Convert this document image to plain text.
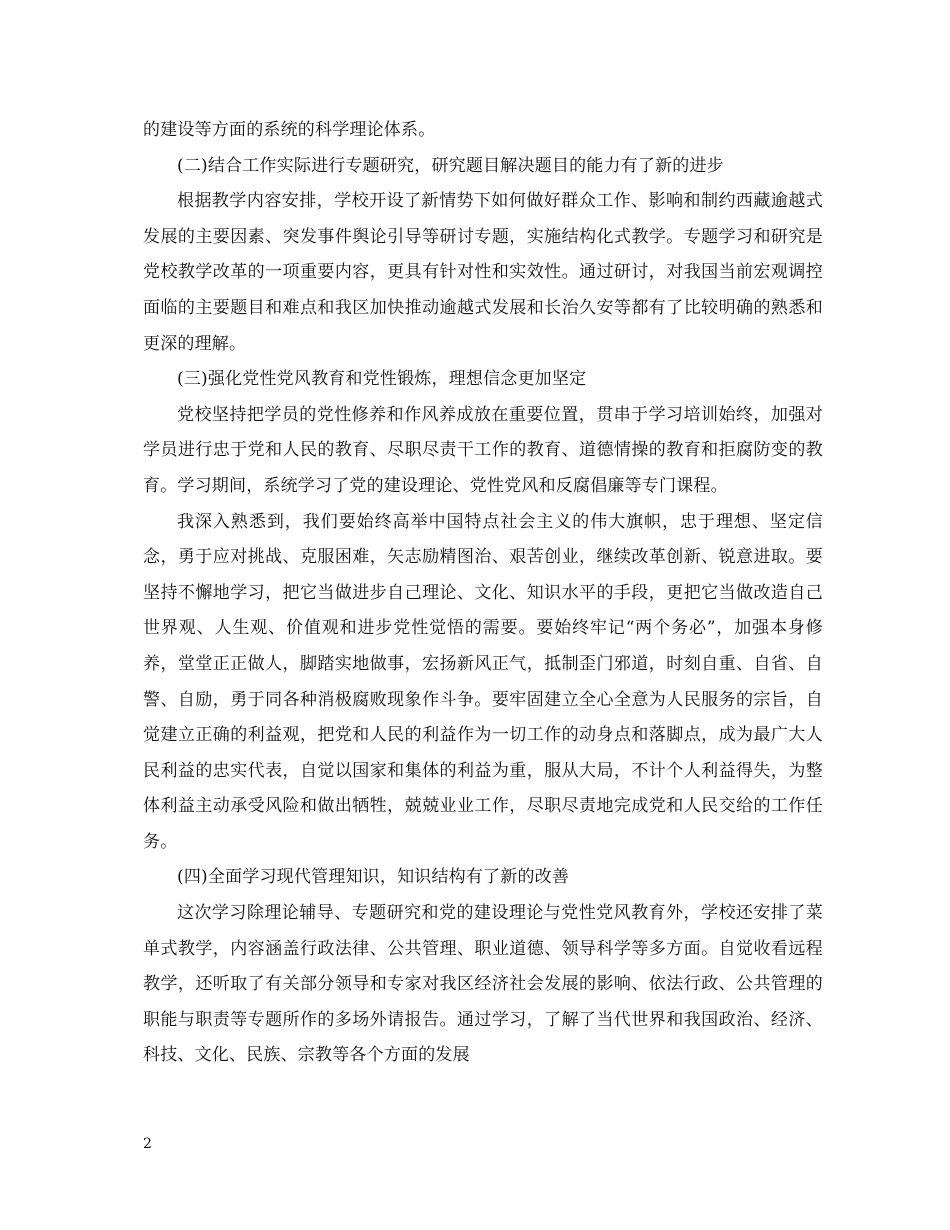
的建设等方面的系统的科学理论体系。

(二)结合工作实际进行专题研究，研究题目解决题目的能力有了新的进步

根据教学内容安排，学校开设了新情势下如何做好群众工作、影响和制约西藏逾越式发展的主要因素、突发事件舆论引导等研讨专题，实施结构化式教学。专题学习和研究是党校教学改革的一项重要内容，更具有针对性和实效性。通过研讨，对我国当前宏观调控面临的主要题目和难点和我区加快推动逾越式发展和长治久安等都有了比较明确的熟悉和更深的理解。

(三)强化党性党风教育和党性锻炼，理想信念更加坚定

党校坚持把学员的党性修养和作风养成放在重要位置，贯串于学习培训始终，加强对学员进行忠于党和人民的教育、尽职尽责干工作的教育、道德情操的教育和拒腐防变的教育。学习期间，系统学习了党的建设理论、党性党风和反腐倡廉等专门课程。

我深入熟悉到，我们要始终高举中国特点社会主义的伟大旗帜，忠于理想、坚定信念，勇于应对挑战、克服困难，矢志励精图治、艰苦创业，继续改革创新、锐意进取。要坚持不懈地学习，把它当做进步自己理论、文化、知识水平的手段，更把它当做改造自己世界观、人生观、价值观和进步党性觉悟的需要。要始终牢记“两个务必”，加强本身修养，堂堂正正做人，脚踏实地做事，宏扬新风正气，抵制歪门邪道，时刻自重、自省、自警、自励，勇于同各种消极腐败现象作斗争。要牢固建立全心全意为人民服务的宗旨，自觉建立正确的利益观，把党和人民的利益作为一切工作的动身点和落脚点，成为最广大人民利益的忠实代表，自觉以国家和集体的利益为重，服从大局，不计个人利益得失，为整体利益主动承受风险和做出牺牲，兢兢业业工作，尽职尽责地完成党和人民交给的工作任务。

(四)全面学习现代管理知识，知识结构有了新的改善

这次学习除理论辅导、专题研究和党的建设理论与党性党风教育外，学校还安排了菜单式教学，内容涵盖行政法律、公共管理、职业道德、领导科学等多方面。自觉收看远程教学，还听取了有关部分领导和专家对我区经济社会发展的影响、依法行政、公共管理的职能与职责等专题所作的多场外请报告。通过学习，了解了当代世界和我国政治、经济、科技、文化、民族、宗教等各个方面的发展

2
